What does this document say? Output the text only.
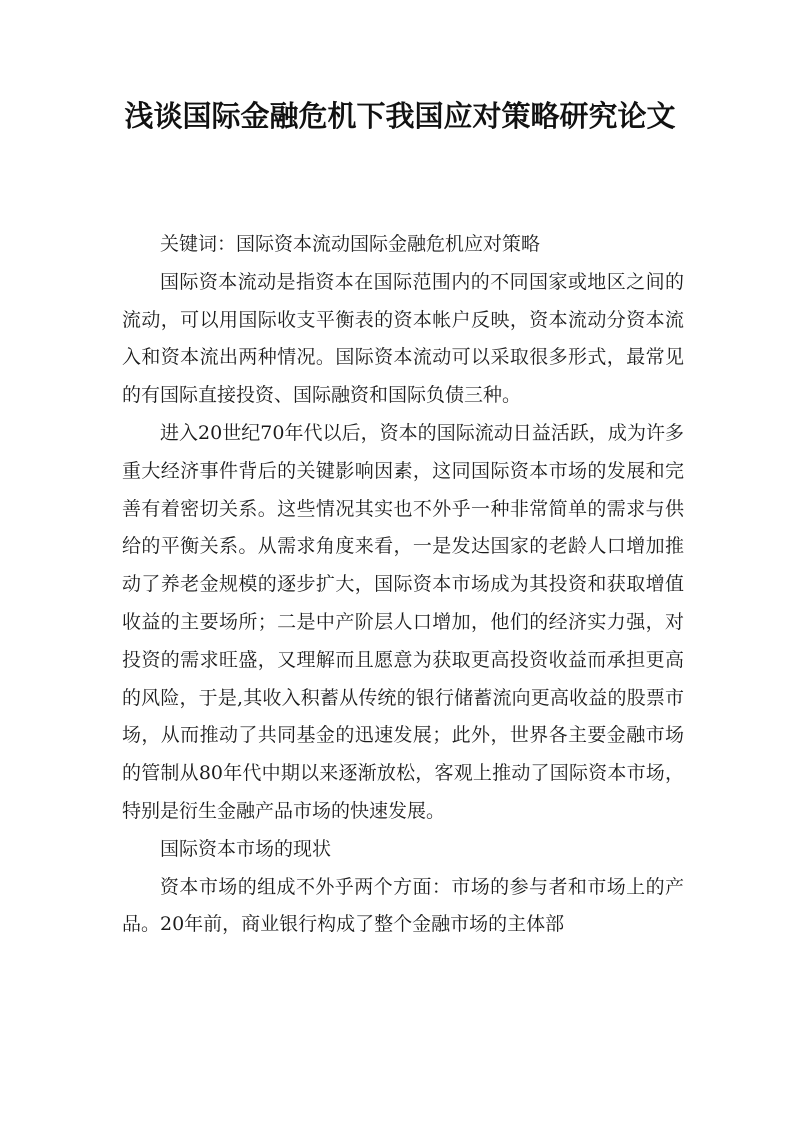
浅谈国际金融危机下我国应对策略研究论文

关键词：国际资本流动国际金融危机应对策略

国际资本流动是指资本在国际范围内的不同国家或地区之间的流动，可以用国际收支平衡表的资本帐户反映，资本流动分资本流入和资本流出两种情况。国际资本流动可以采取很多形式，最常见的有国际直接投资、国际融资和国际负债三种。

进入20世纪70年代以后，资本的国际流动日益活跃，成为许多重大经济事件背后的关键影响因素，这同国际资本市场的发展和完善有着密切关系。这些情况其实也不外乎一种非常简单的需求与供给的平衡关系。从需求角度来看，一是发达国家的老龄人口增加推动了养老金规模的逐步扩大，国际资本市场成为其投资和获取增值收益的主要场所；二是中产阶层人口增加，他们的经济实力强，对投资的需求旺盛，又理解而且愿意为获取更高投资收益而承担更高的风险，于是,其收入积蓄从传统的银行储蓄流向更高收益的股票市场，从而推动了共同基金的迅速发展；此外，世界各主要金融市场的管制从80年代中期以来逐渐放松，客观上推动了国际资本市场，特别是衍生金融产品市场的快速发展。

国际资本市场的现状

资本市场的组成不外乎两个方面：市场的参与者和市场上的产品。20年前，商业银行构成了整个金融市场的主体部
